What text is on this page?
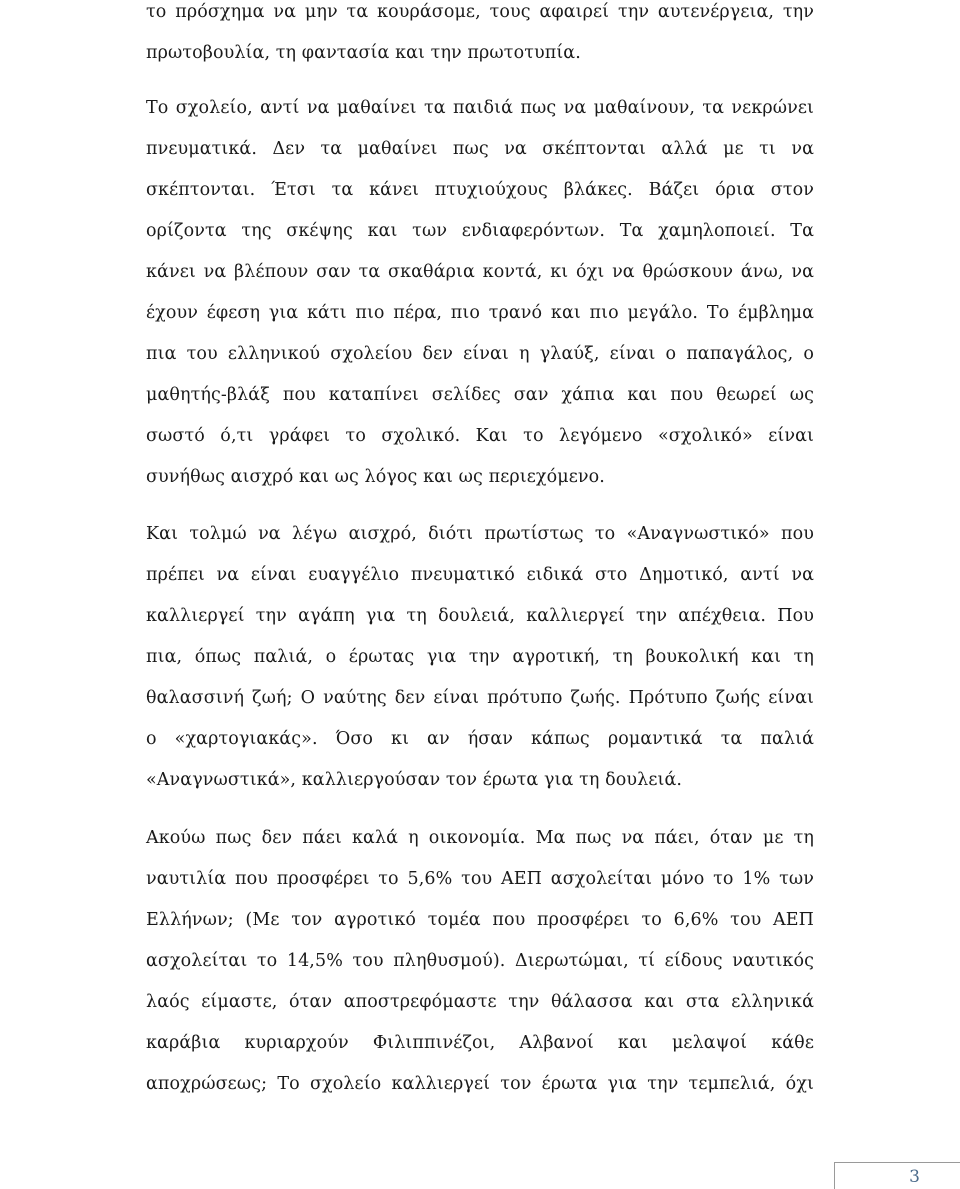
το πρόσχημα να μην τα κουράσομε, τους αφαιρεί την αυτενέργεια, την
πρωτοβουλία, τη φαντασία και την πρωτοτυπία.
Το σχολείο, αντί να μαθαίνει τα παιδιά πως να μαθαίνουν, τα νεκρώνει
πνευματικά. Δεν τα μαθαίνει πως να σκέπτονται αλλά με τι να
σκέπτονται. Έτσι τα κάνει πτυχιούχους βλάκες. Βάζει όρια στον
ορίζοντα της σκέψης και των ενδιαφερόντων. Τα χαμηλοποιεί. Τα
κάνει να βλέπουν σαν τα σκαθάρια κοντά, κι όχι να θρώσκουν άνω, να
έχουν έφεση για κάτι πιο πέρα, πιο τρανό και πιο μεγάλο. Το έμβλημα
πια του ελληνικού σχολείου δεν είναι η γλαύξ, είναι ο παπαγάλος, ο
μαθητής-βλάξ που καταπίνει σελίδες σαν χάπια και που θεωρεί ως
σωστό ό,τι γράφει το σχολικό. Και το λεγόμενο «σχολικό» είναι
συνήθως αισχρό και ως λόγος και ως περιεχόμενο.
Και τολμώ να λέγω αισχρό, διότι πρωτίστως το «Αναγνωστικό» που
πρέπει να είναι ευαγγέλιο πνευματικό ειδικά στο Δημοτικό, αντί να
καλλιεργεί την αγάπη για τη δουλειά, καλλιεργεί την απέχθεια. Που
πια, όπως παλιά, ο έρωτας για την αγροτική, τη βουκολική και τη
θαλασσινή ζωή; Ο ναύτης δεν είναι πρότυπο ζωής. Πρότυπο ζωής είναι
ο «χαρτογιακάς». Όσο κι αν ήσαν κάπως ρομαντικά τα παλιά
«Αναγνωστικά», καλλιεργούσαν τον έρωτα για τη δουλειά.
Ακούω πως δεν πάει καλά η οικονομία. Μα πως να πάει, όταν με τη
ναυτιλία που προσφέρει το 5,6% του ΑΕΠ ασχολείται μόνο το 1% των
Ελλήνων; (Με τον αγροτικό τομέα που προσφέρει το 6,6% του ΑΕΠ
ασχολείται το 14,5% του πληθυσμού). Διερωτώμαι, τί είδους ναυτικός
λαός είμαστε, όταν αποστρεφόμαστε την θάλασσα και στα ελληνικά
καράβια κυριαρχούν Φιλιππινέζοι, Αλβανοί και μελαψοί κάθε
αποχρώσεως; Το σχολείο καλλιεργεί τον έρωτα για την τεμπελιά, όχι
3
